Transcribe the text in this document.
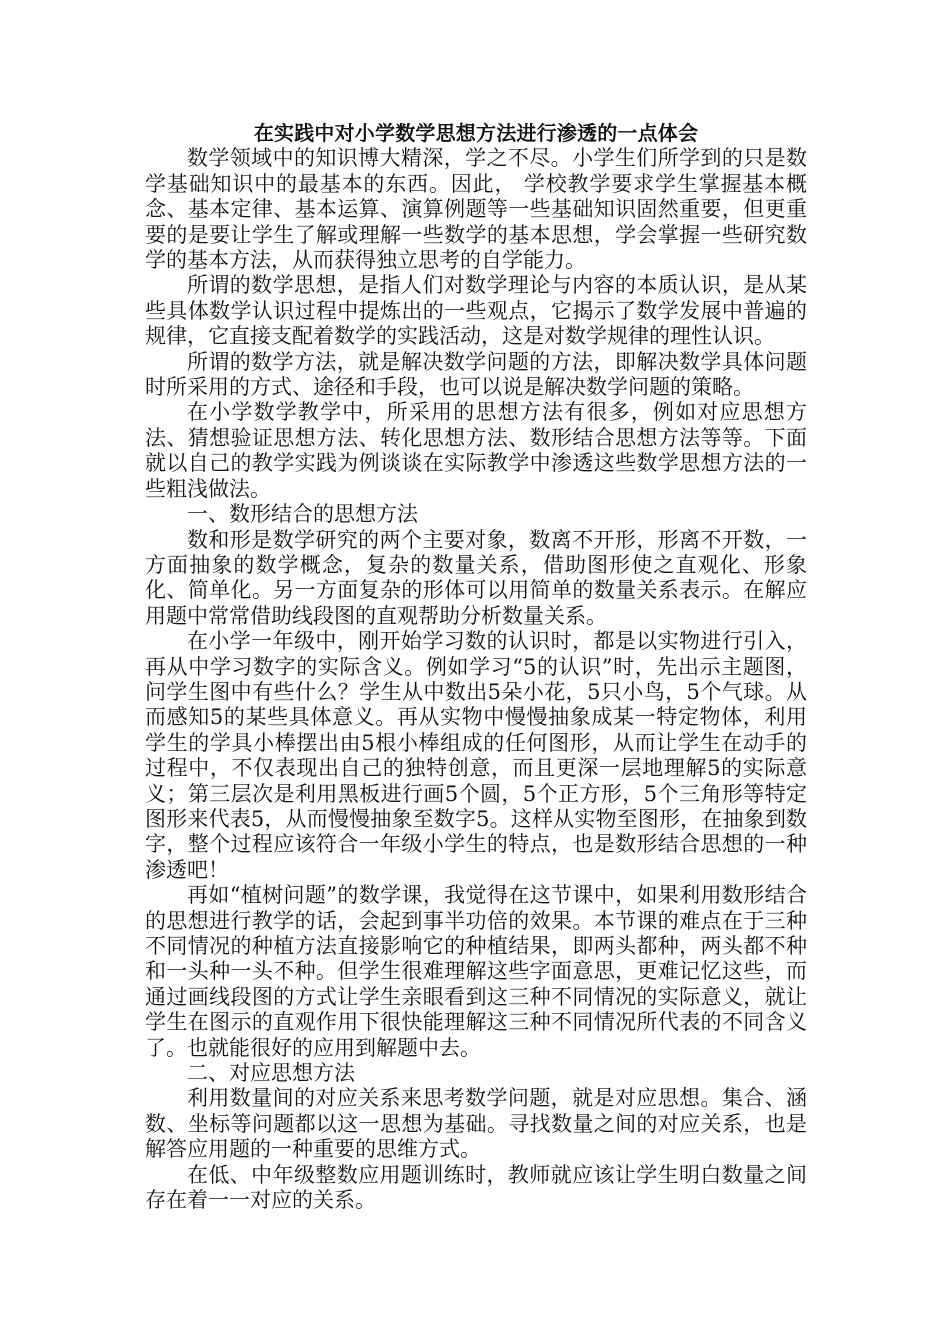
在实践中对小学数学思想方法进行渗透的一点体会

数学领域中的知识博大精深，学之不尽。小学生们所学到的只是数学基础知识中的最基本的东西。因此， 学校教学要求学生掌握基本概念、基本定律、基本运算、演算例题等一些基础知识固然重要，但更重要的是要让学生了解或理解一些数学的基本思想，学会掌握一些研究数学的基本方法，从而获得独立思考的自学能力。

所谓的数学思想，是指人们对数学理论与内容的本质认识，是从某些具体数学认识过程中提炼出的一些观点，它揭示了数学发展中普遍的规律，它直接支配着数学的实践活动，这是对数学规律的理性认识。

所谓的数学方法，就是解决数学问题的方法，即解决数学具体问题时所采用的方式、途径和手段，也可以说是解决数学问题的策略。

在小学数学教学中，所采用的思想方法有很多，例如对应思想方法、猜想验证思想方法、转化思想方法、数形结合思想方法等等。下面就以自己的教学实践为例谈谈在实际教学中渗透这些数学思想方法的一些粗浅做法。

一、数形结合的思想方法

数和形是数学研究的两个主要对象，数离不开形，形离不开数，一方面抽象的数学概念，复杂的数量关系，借助图形使之直观化、形象化、简单化。另一方面复杂的形体可以用简单的数量关系表示。在解应用题中常常借助线段图的直观帮助分析数量关系。

在小学一年级中，刚开始学习数的认识时，都是以实物进行引入，再从中学习数字的实际含义。例如学习“5的认识”时，先出示主题图，问学生图中有些什么？学生从中数出5朵小花，5只小鸟，5个气球。从而感知5的某些具体意义。再从实物中慢慢抽象成某一特定物体，利用学生的学具小棒摆出由5根小棒组成的任何图形，从而让学生在动手的过程中，不仅表现出自己的独特创意，而且更深一层地理解5的实际意义；第三层次是利用黑板进行画5个圆，5个正方形，5个三角形等特定图形来代表5，从而慢慢抽象至数字5。这样从实物至图形，在抽象到数字，整个过程应该符合一年级小学生的特点，也是数形结合思想的一种渗透吧！

再如“植树问题”的数学课，我觉得在这节课中，如果利用数形结合的思想进行教学的话，会起到事半功倍的效果。本节课的难点在于三种不同情况的种植方法直接影响它的种植结果，即两头都种，两头都不种和一头种一头不种。但学生很难理解这些字面意思，更难记忆这些，而通过画线段图的方式让学生亲眼看到这三种不同情况的实际意义，就让学生在图示的直观作用下很快能理解这三种不同情况所代表的不同含义了。也就能很好的应用到解题中去。

二、对应思想方法

利用数量间的对应关系来思考数学问题，就是对应思想。集合、涵数、坐标等问题都以这一思想为基础。寻找数量之间的对应关系，也是解答应用题的一种重要的思维方式。

在低、中年级整数应用题训练时，教师就应该让学生明白数量之间存在着一一对应的关系。
